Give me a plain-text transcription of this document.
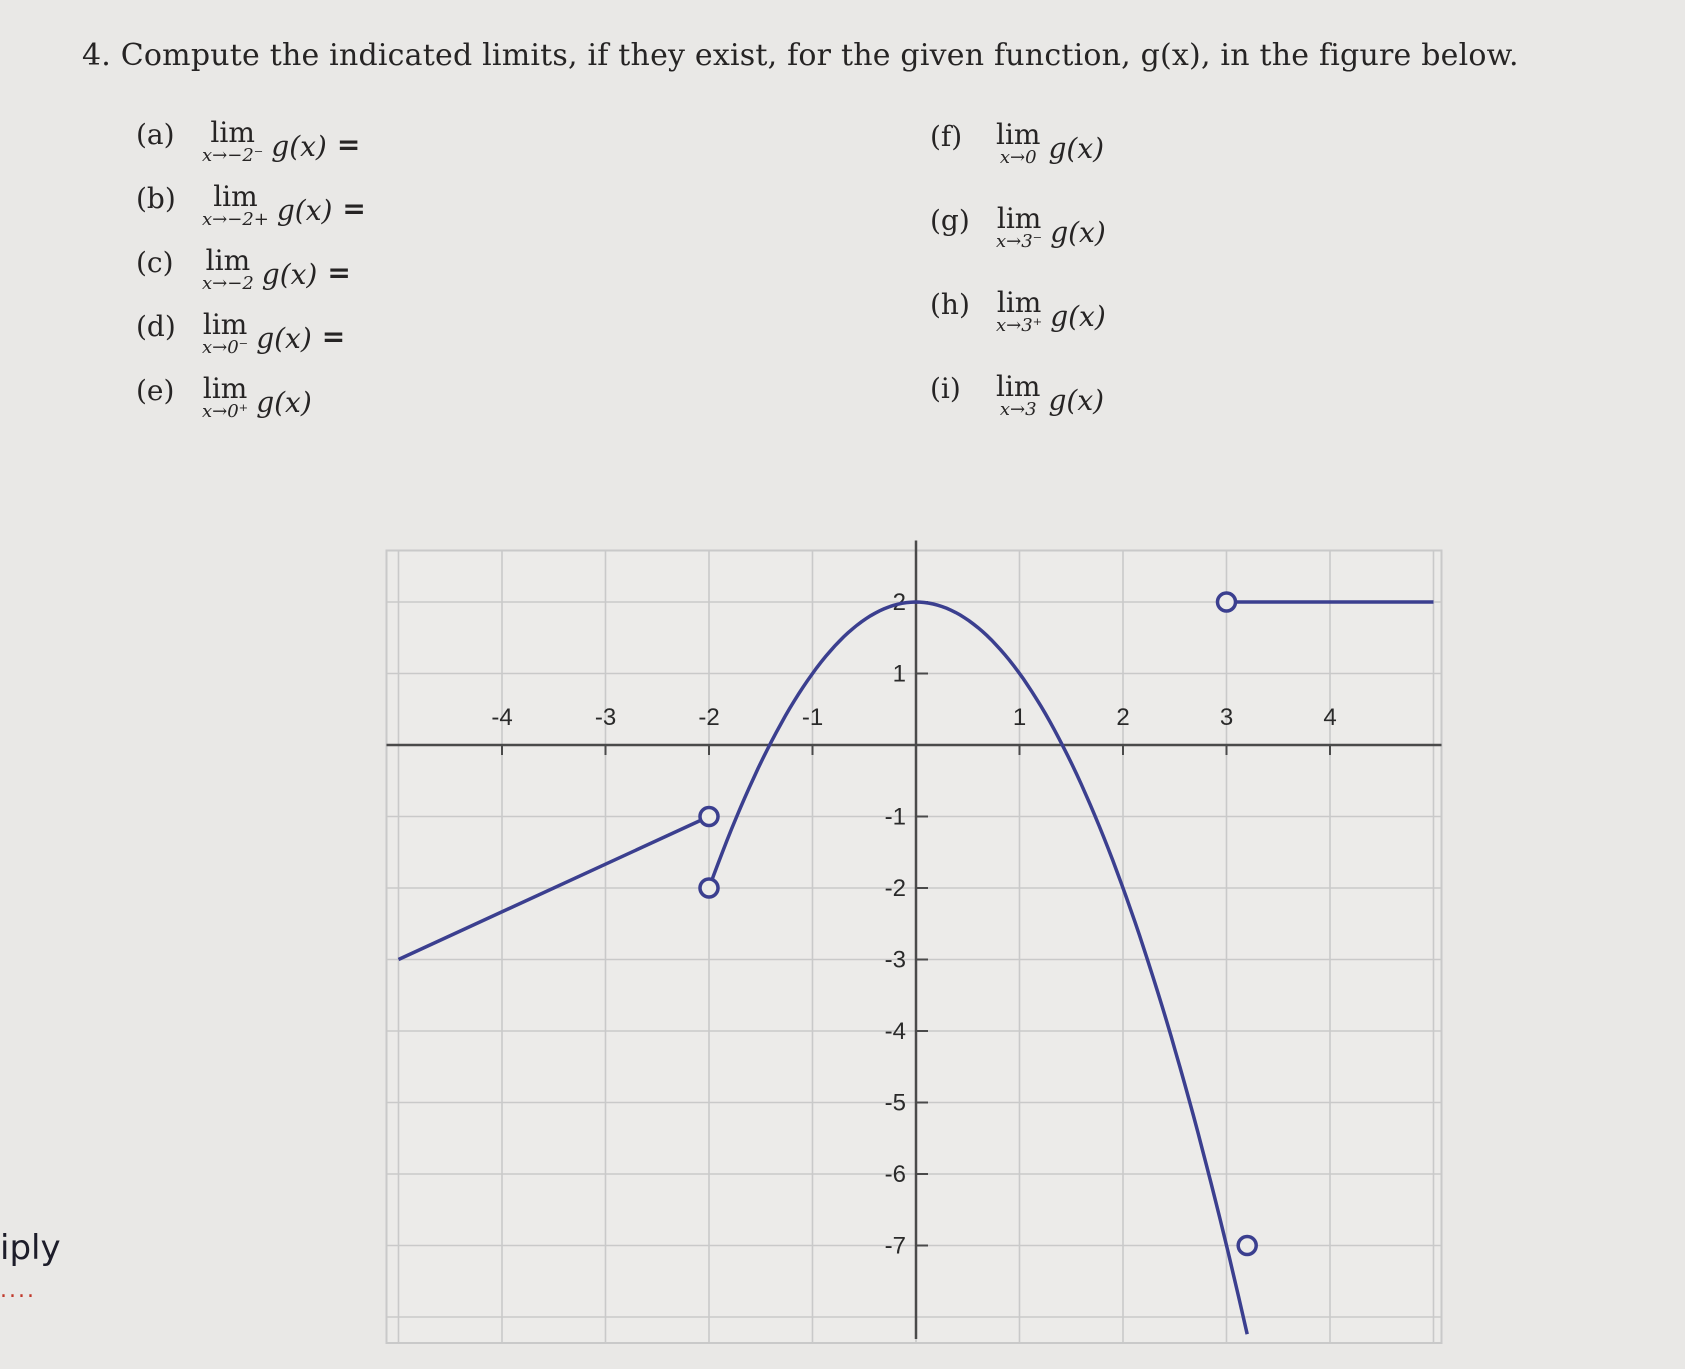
4. Compute the indicated limits, if they exist, for the given function, g(x), in the figure below.
(a)	lim
x→−2⁻ g(x) =
(b)	lim
x→−2+ g(x) =
(c)	lim
x→−2 g(x) =
(d) lim
x→0⁻ g(x) =
(e)	lim
x→0⁺ g(x)
(f)	lim
x→0 g(x)
(g) lim
x→3⁻ g(x)
(h) lim
x→3⁺ g(x)
(i)	lim
x→3 g(x)
iply
....
-4	-3	-2	-1	1	2	3	4
2
1
-1
-2
-3
-4
-5
-6
-7
